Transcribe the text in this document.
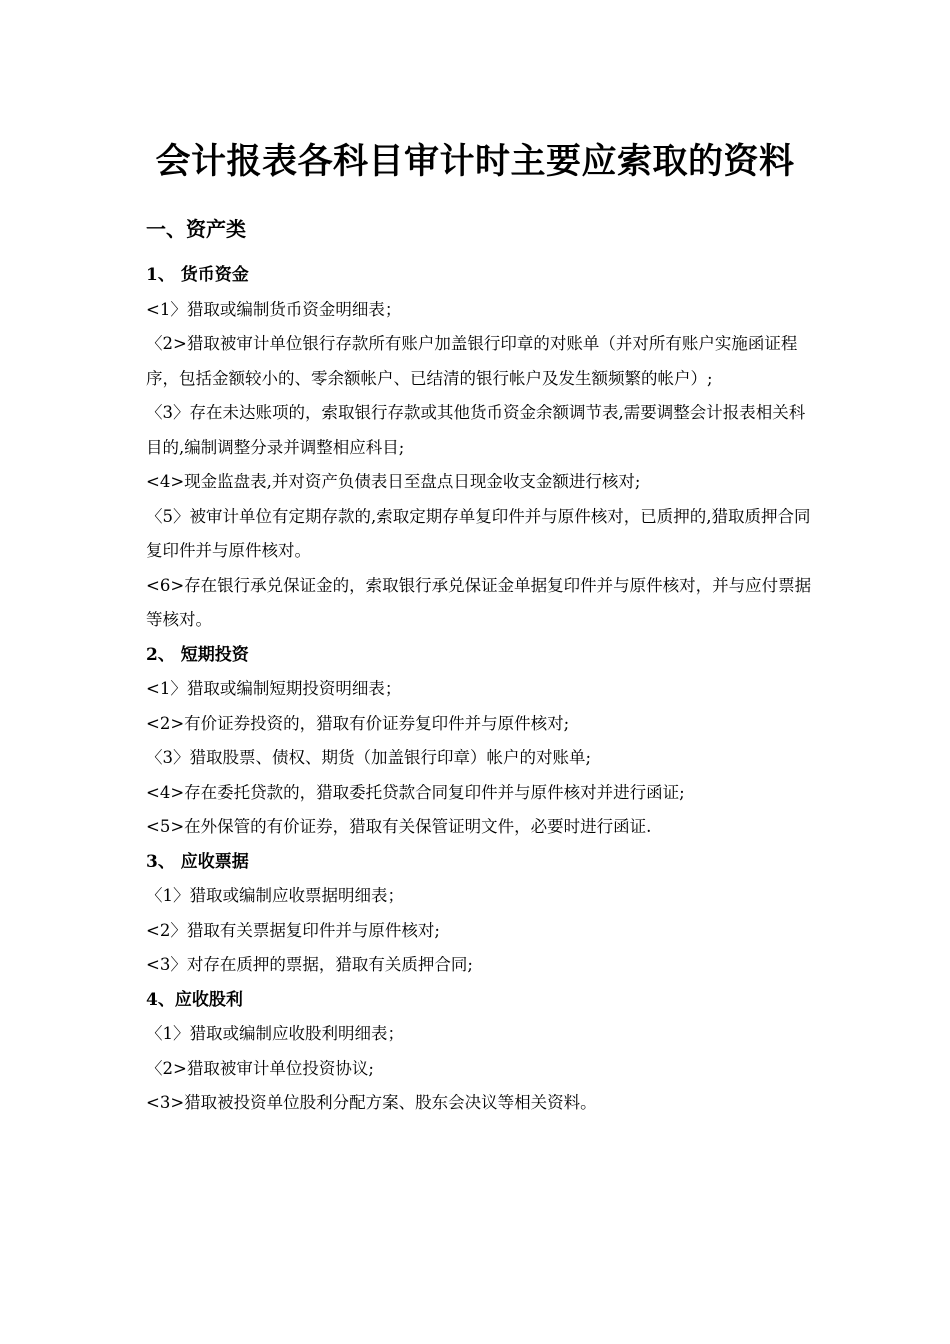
会计报表各科目审计时主要应索取的资料
一、资产类
1、 货币资金
<1〉猎取或编制货币资金明细表；
〈2>猎取被审计单位银行存款所有账户加盖银行印章的对账单（并对所有账户实施函证程序，包括金额较小的、零余额帐户、已结清的银行帐户及发生额频繁的帐户）;
〈3〉存在未达账项的，索取银行存款或其他货币资金余额调节表,需要调整会计报表相关科目的,编制调整分录并调整相应科目;
<4>现金监盘表,并对资产负债表日至盘点日现金收支金额进行核对;
〈5〉被审计单位有定期存款的,索取定期存单复印件并与原件核对，已质押的,猎取质押合同复印件并与原件核对。
<6>存在银行承兑保证金的，索取银行承兑保证金单据复印件并与原件核对，并与应付票据等核对。
2、 短期投资
<1〉猎取或编制短期投资明细表；
<2>有价证券投资的，猎取有价证券复印件并与原件核对;
〈3〉猎取股票、债权、期货（加盖银行印章）帐户的对账单;
<4>存在委托贷款的，猎取委托贷款合同复印件并与原件核对并进行函证;
<5>在外保管的有价证券，猎取有关保管证明文件，必要时进行函证.
3、 应收票据
〈1〉猎取或编制应收票据明细表；
<2〉猎取有关票据复印件并与原件核对;
<3〉对存在质押的票据，猎取有关质押合同;
4、应收股利
〈1〉猎取或编制应收股利明细表；
〈2>猎取被审计单位投资协议;
<3>猎取被投资单位股利分配方案、股东会决议等相关资料。
